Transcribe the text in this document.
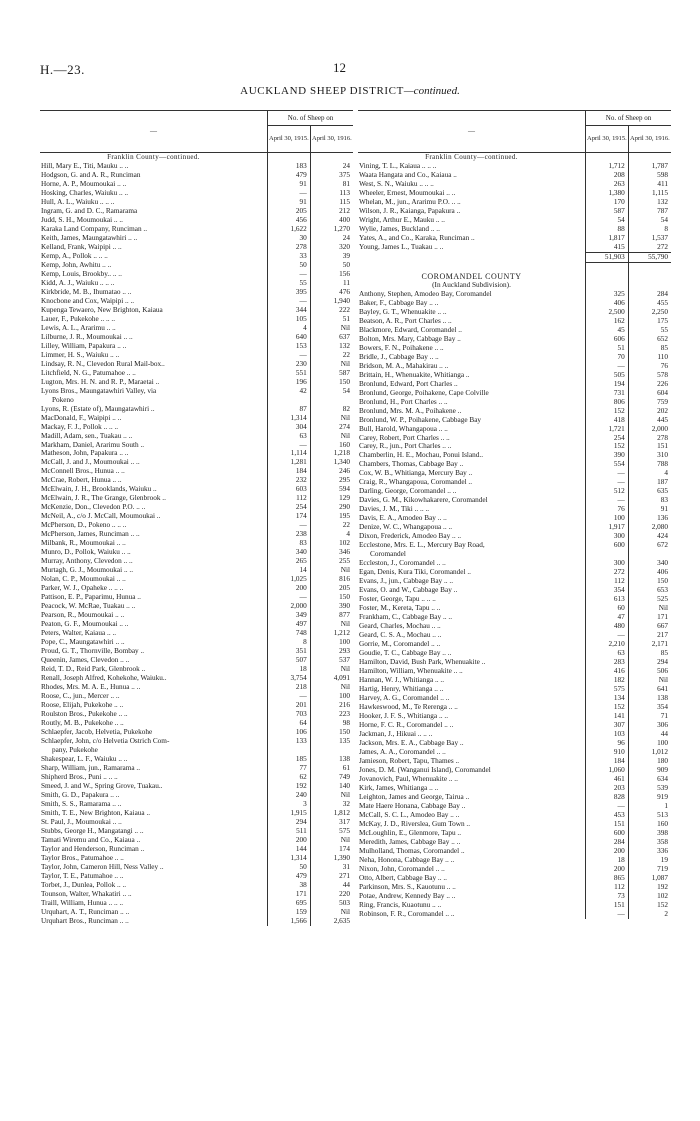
H.—23.	12
AUCKLAND SHEEP DISTRICT—continued.
—	No. of Sheep on	
	April 30, 1915.	April 30, 1916.
Franklin County—continued.		
Hill, Mary E., Titi, Mauku .. ..	183	24
Hodgson, G. and A. R., Runciman	479	375
Horne, A. P., Moumoukai .. ..	91	81
Hosking, Charles, Waiuku .. ..	—	113
Hull, A. L., Waiuku .. .. ..	91	115
Ingram, G. and D. C., Ramarama	205	212
Judd, S. H., Moumoukai .. ..	456	400
Karaka Land Company, Runciman ..	1,622	1,270
Keith, James, Maungatawhiri .. ..	30	24
Kelland, Frank, Waipipi .. ..	278	320
Kemp, A., Pollok .. .. ..	33	39
Kemp, John, Awhitu .. ..	50	50
Kemp, Louis, Brookby.. .. ..	—	156
Kidd, A. J., Waiuku .. .. ..	55	11
Kirkbride, M. B., Ihumatao .. ..	395	476
Knocbone and Cox, Waipipi .. ..	—	1,940
Kupenga Tewaero, New Brighton, Kaiaua	344	222
Lauer, F., Pukekohe .. .. ..	105	51
Lewis, A. L., Ararimu .. ..	4	Nil
Lilburne, J. R., Moumoukai .. ..	640	637
Lilley, William, Papakura .. ..	153	132
Limmer, H. S., Waiuku .. ..	—	22
Lindsay, R. N., Clevedon Rural Mail-box..	230	Nil
Litchfield, N. G., Patumahoe .. ..	551	587
Lugton, Mrs. H. N. and R. P., Maraetai ..	196	150
Lyons Bros., Maungatawhiri Valley, via	42	54
Pokeno		
Lyons, R. (Estate of), Maungatawhiri ..	87	82
MacDonald, F., Waipipi .. ..	1,314	Nil
Mackay, F. J., Pollok .. .. ..	304	274
Madill, Adam, sen., Tuakau .. ..	63	Nil
Markham, Daniel, Ararimu South ..	—	160
Matheson, John, Papakura .. ..	1,114	1,218
McCall, J. and J., Moumoukai .. ..	1,281	1,340
McConnell Bros., Hunua .. ..	184	246
McCrae, Robert, Hunua .. ..	232	295
McElwain, J. H., Brooklands, Waiuku ..	603	594
McElwain, J. R., The Grange, Glenbrook ..	112	129
McKenzie, Don., Clevedon P.O. .. ..	254	290
McNeil, A., c/o J. McCall, Moumoukai ..	174	195
McPherson, D., Pokeno .. .. ..	—	22
McPherson, James, Runciman .. ..	238	4
Milbank, R., Moumoukai .. ..	83	102
Munro, D., Pollok, Waiuku .. ..	340	346
Murray, Anthony, Clevedon .. ..	265	255
Murtagh, G. J., Moumoukai .. ..	14	Nil
Nolan, C. P., Moumoukai .. ..	1,025	816
Parker, W. J., Opaheke .. .. ..	200	205
Pattison, E. P., Paparimu, Hunua ..	—	150
Peacock, W. McRae, Tuakau .. ..	2,000	390
Pearson, R., Moumoukai .. ..	349	877
Peaton, G. F., Moumoukai .. ..	497	Nil
Peters, Walter, Kaiaua .. ..	748	1,212
Pope, C., Maungatawhiri .. ..	8	100
Proud, G. T., Thornville, Bombay ..	351	293
Queenin, James, Clevedon .. ..	507	537
Reid, T. D., Reid Park, Glenbrook ..	18	Nil
Renall, Joseph Alfred, Kohekohe, Waiuku..	3,754	4,091
Rhodes, Mrs. M. A. E., Hunua .. ..	218	Nil
Roose, C., jun., Mercer .. ..	—	100
Roose, Elijah, Pukekohe .. ..	201	216
Roulston Bros., Pukekohe .. ..	703	223
Routly, M. B., Pukekohe .. ..	64	98
Schlaepfer, Jacob, Helvetia, Pukekohe	106	150
Schlaepfer, John, c/o Helvetia Ostrich Com-	133	135
pany, Pukekohe		
Shakespear, L. F., Waiuku .. ..	185	138
Sharp, William, jun., Ramarama ..	77	61
Shipherd Bros., Puni .. .. ..	62	749
Smeed, J. and W., Spring Grove, Tuakau..	192	140
Smith, G. D., Papakura .. ..	240	Nil
Smith, S. S., Ramarama .. ..	3	32
Smith, T. E., New Brighton, Kaiaua ..	1,915	1,812
St. Paul, J., Moumoukai .. ..	294	317
Stubbs, George H., Mangatangi .. ..	511	575
Tamati Wiremu and Co., Kaiaua ..	200	Nil
Taylor and Henderson, Runciman ..	144	174
Taylor Bros., Patumahoe .. ..	1,314	1,390
Taylor, John, Cameron Hill, Ness Valley ..	50	31
Taylor, T. E., Patumahoe .. ..	479	271
Torbet, J., Dunlea, Pollok .. ..	38	44
Tounson, Walter, Whakatiri .. ..	171	220
Traill, William, Hunua .. .. ..	695	503
Urquhart, A. T., Runciman .. ..	159	Nil
Urquhart Bros., Runciman .. ..	1,566	2,635
—	No. of Sheep on	
	April 30, 1915.	April 30, 1916.
Franklin County—continued.		
Vining, T. L., Kaiaua .. .. ..	1,712	1,787
Waata Hangata and Co., Kaiaua ..	208	598
West, S. N., Waiuku .. .. ..	263	411
Wheeler, Ernest, Moumoukai .. ..	1,380	1,115
Whelan, M., jun., Ararimu P.O. .. ..	170	132
Wilson, J. R., Kaianga, Papakura ..	587	787
Wright, Arthur E., Mauku .. ..	54	54
Wylie, James, Buckland .. ..	88	8
Yates, A., and Co., Karaka, Runciman ..	1,817	1,537
Young, James L., Tuakau .. ..	415	272
	51,903	55,790

COROMANDEL COUNTY		
(In Auckland Subdivision).		
Anthony, Stephen, Amodeo Bay, Coromandel	325	284
Baker, F., Cabbage Bay .. ..	406	455
Bayley, G. T., Whenuakite .. ..	2,500	2,250
Beatson, A. R., Port Charles .. ..	162	175
Blackmore, Edward, Coromandel ..	45	55
Bolton, Mrs. Mary, Cabbage Bay ..	606	652
Bowers, F. N., Poihakene .. ..	51	85
Bridle, J., Cabbage Bay .. ..	70	110
Bridson, M. A., Mahakirau .. ..	—	76
Brittain, H., Whenuakite, Whitianga ..	505	578
Bronlund, Edward, Port Charles ..	194	226
Bronlund, George, Poihakene, Cape Colville	731	604
Bronlund, H., Port Charles .. ..	806	759
Bronlund, Mrs. M. A., Poihakene ..	152	202
Bronlund, W. P., Poihakene, Cabbage Bay	418	445
Bull, Harold, Whangapoua .. ..	1,721	2,000
Carey, Robert, Port Charles .. ..	254	278
Carey, R., jun., Port Charles .. ..	152	151
Chamberlin, H. E., Mochau, Ponui Island..	390	310
Chambers, Thomas, Cabbage Bay ..	554	788
Cox, W. B., Whitianga, Mercury Bay ..	—	4
Craig, R., Whangapoua, Coromandel ..	—	187
Darling, George, Coromandel .. ..	512	635
Davies, G. M., Kikowhakarere, Coromandel	—	83
Davies, J. M., Tiki .. .. ..	76	91
Davis, E. A., Amodeo Bay .. ..	100	136
Denize, W. C., Whangapoua .. ..	1,917	2,080
Dixon, Frederick, Amodeo Bay .. ..	300	424
Ecclestone, Mrs. E. L., Mercury Bay Road,	600	672
Coromandel		
Eccleston, J., Coromandel .. ..	300	340
Egan, Denis, Kura Tiki, Coromandel ..	272	406
Evans, J., jun., Cabbage Bay .. ..	112	150
Evans, O. and W., Cabbage Bay ..	354	653
Foster, George, Tapu .. .. ..	613	525
Foster, M., Kereta, Tapu .. ..	60	Nil
Frankham, C., Cabbage Bay .. ..	47	171
Geard, Charles, Mochau .. ..	480	667
Geard, C. S. A., Mochau .. ..	—	217
Gorrie, M., Coromandel .. ..	2,210	2,171
Goudie, T. C., Cabbage Bay .. ..	63	85
Hamilton, David, Bush Park, Whenuakite ..	283	294
Hamilton, William, Whenuakite .. ..	416	506
Hannan, W. J., Whitianga .. ..	182	Nil
Hartig, Henry, Whitianga .. ..	575	641
Harvey, A. G., Coromandel .. ..	134	138
Hawkeswood, M., Te Rerenga .. ..	152	354
Hooker, J. F. S., Whitianga .. ..	141	71
Horne, F. C. R., Coromandel .. ..	307	306
Jackman, J., Hikuai .. .. ..	103	44
Jackson, Mrs. E. A., Cabbage Bay ..	96	100
James, A. A., Coromandel .. ..	910	1,012
Jamieson, Robert, Tapu, Thames ..	184	180
Jones, D. M. (Wanganui Island), Coromandel	1,060	909
Jovanovich, Paul, Whenuakite .. ..	461	634
Kirk, James, Whitianga .. ..	203	539
Leighton, James and George, Tairua ..	828	919
Mate Haere Honana, Cabbage Bay ..	—	1
McCall, S. C. L., Amodeo Bay .. ..	453	513
McKay, J. D., Riverslea, Gum Town ..	151	160
McLoughlin, E., Glenmore, Tapu ..	600	398
Meredith, James, Cabbage Bay .. ..	284	358
Mulholland, Thomas, Coromandel ..	200	336
Neha, Honona, Cabbage Bay .. ..	18	19
Nixon, John, Coromandel .. ..	200	719
Otto, Albert, Cabbage Bay .. ..	865	1,087
Parkinson, Mrs. S., Kauotunu .. ..	112	192
Potae, Andrew, Kennedy Bay .. ..	73	102
Ring, Francis, Kuaotunu .. ..	151	152
Robinson, F. R., Coromandel .. ..	—	2
